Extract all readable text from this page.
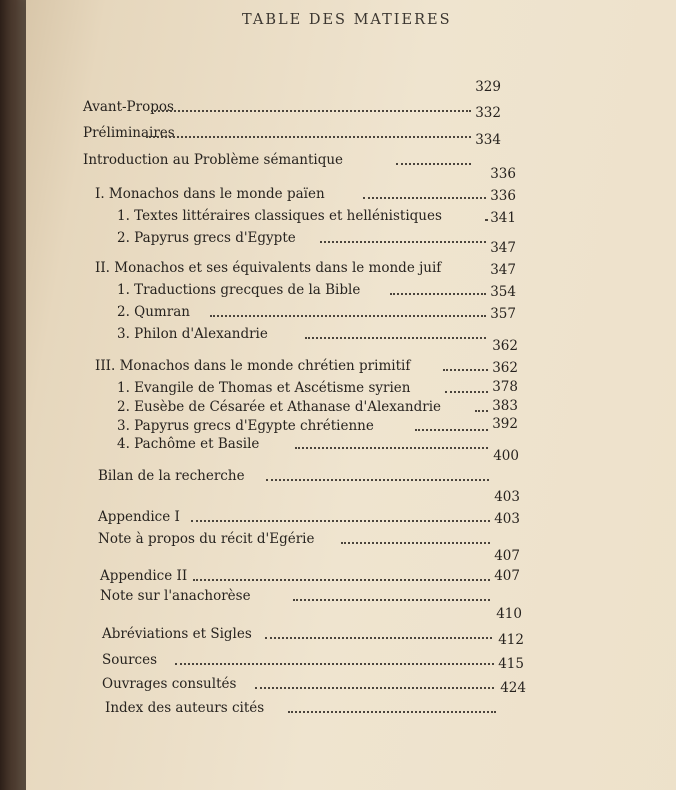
TABLE DES MATIERES
Avant-Propos
329
Préliminaires
332
Introduction au Problème sémantique
334
I. Monachos dans le monde païen
336
1. Textes littéraires classiques et hellénistiques
336
2. Papyrus grecs d'Egypte
341
II. Monachos et ses équivalents dans le monde juif
347
1. Traductions grecques de la Bible
347
2. Qumran
354
3. Philon d'Alexandrie
357
III. Monachos dans le monde chrétien primitif
362
1. Evangile de Thomas et Ascétisme syrien
362
2. Eusèbe de Césarée et Athanase d'Alexandrie
378
3. Papyrus grecs d'Egypte chrétienne
383
4. Pachôme et Basile
392
Bilan de la recherche
400
Appendice I
403
Note à propos du récit d'Egérie
403
Appendice II
407
Note sur l'anachorèse
407
Abréviations et Sigles
410
Sources
412
Ouvrages consultés
415
Index des auteurs cités
424
